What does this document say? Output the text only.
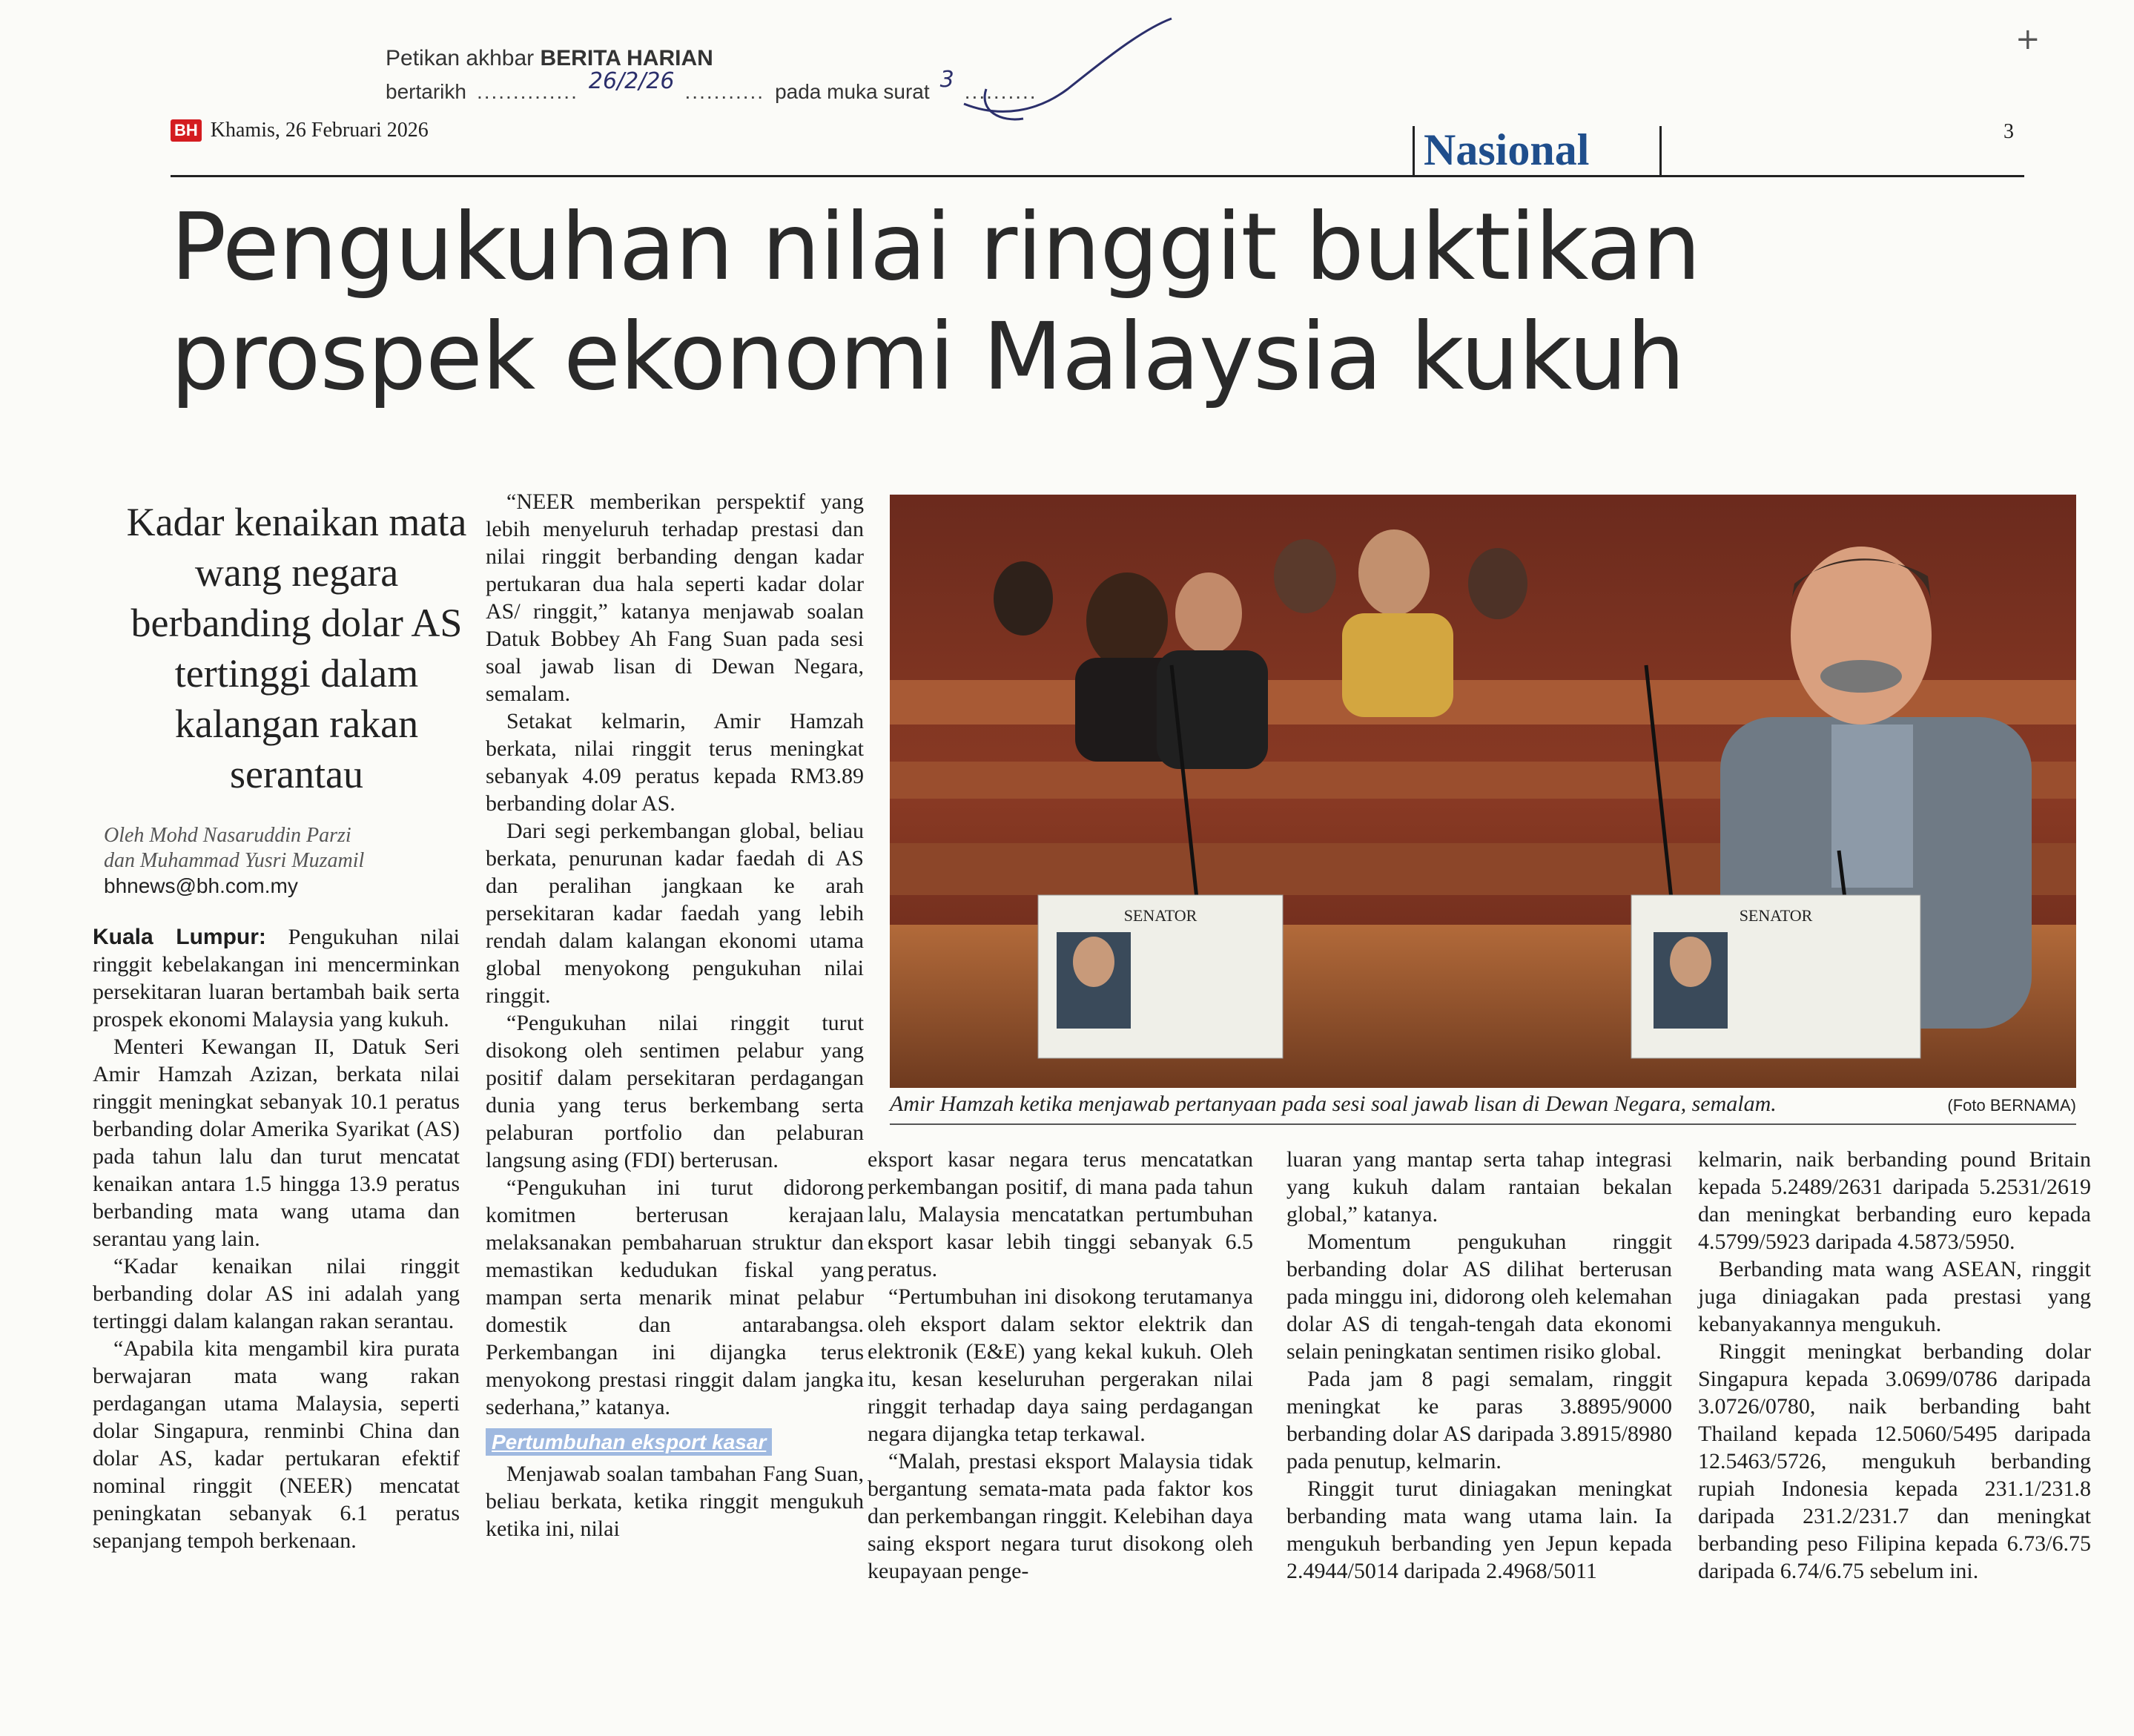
Petikan akhbar BERITA HARIAN
bertarikh .............. 26/2/26 ........... pada muka surat 3 ..........
+
BH Khamis, 26 Februari 2026	Nasional	3
Pengukuhan nilai ringgit buktikan
prospek ekonomi Malaysia kukuh
Kadar kenaikan mata wang negara berbanding dolar AS tertinggi dalam kalangan rakan serantau
Oleh Mohd Nasaruddin Parzi
dan Muhammad Yusri Muzamil
bhnews@bh.com.my

Kuala Lumpur: Pengukuhan nilai ringgit kebelakangan ini mencerminkan persekitaran luaran bertambah baik serta prospek ekonomi Malaysia yang kukuh.

Menteri Kewangan II, Datuk Seri Amir Hamzah Azizan, berkata nilai ringgit meningkat sebanyak 10.1 peratus berbanding dolar Amerika Syarikat (AS) pada tahun lalu dan turut mencatat kenaikan antara 1.5 hingga 13.9 peratus berbanding mata wang utama dan serantau yang lain.

“Kadar kenaikan nilai ringgit berbanding dolar AS ini adalah yang tertinggi dalam kalangan rakan serantau.

“Apabila kita mengambil kira purata berwajaran mata wang rakan perdagangan utama Malaysia, seperti dolar Singapura, renminbi China dan dolar AS, kadar pertukaran efektif nominal ringgit (NEER) mencatat peningkatan sebanyak 6.1 peratus sepanjang tempoh berkenaan.

“NEER memberikan perspektif yang lebih menyeluruh terhadap prestasi dan nilai ringgit berbanding dengan kadar pertukaran dua hala seperti kadar dolar AS/ ringgit,” katanya menjawab soalan Datuk Bobbey Ah Fang Suan pada sesi soal jawab lisan di Dewan Negara, semalam.

Setakat kelmarin, Amir Hamzah berkata, nilai ringgit terus meningkat sebanyak 4.09 peratus kepada RM3.89 berbanding dolar AS.

Dari segi perkembangan global, beliau berkata, penurunan kadar faedah di AS dan peralihan jangkaan ke arah persekitaran kadar faedah yang lebih rendah dalam kalangan ekonomi utama global menyokong pengukuhan nilai ringgit.

“Pengukuhan nilai ringgit turut disokong oleh sentimen pelabur yang positif dalam persekitaran perdagangan dunia yang terus berkembang serta pelaburan portfolio dan pelaburan langsung asing (FDI) berterusan.

“Pengukuhan ini turut didorong komitmen berterusan kerajaan melaksanakan pembaharuan struktur dan memastikan kedudukan fiskal yang mampan serta menarik minat pelabur domestik dan antarabangsa. Perkembangan ini dijangka terus menyokong prestasi ringgit dalam jangka sederhana,” katanya.

Pertumbuhan eksport kasar

Menjawab soalan tambahan Fang Suan, beliau berkata, ketika ringgit mengukuh ketika ini, nilai

SENATOR	SENATOR
Amir Hamzah ketika menjawab pertanyaan pada sesi soal jawab lisan di Dewan Negara, semalam.	(Foto BERNAMA)

eksport kasar negara terus mencatatkan perkembangan positif, di mana pada tahun lalu, Malaysia mencatatkan pertumbuhan eksport kasar lebih tinggi sebanyak 6.5 peratus.

“Pertumbuhan ini disokong terutamanya oleh eksport dalam sektor elektrik dan elektronik (E&E) yang kekal kukuh. Oleh itu, kesan keseluruhan pergerakan nilai ringgit terhadap daya saing perdagangan negara dijangka tetap terkawal.

“Malah, prestasi eksport Malaysia tidak bergantung semata-mata pada faktor kos dan perkembangan ringgit. Kelebihan daya saing eksport negara turut disokong oleh keupayaan penge-

luaran yang mantap serta tahap integrasi yang kukuh dalam rantaian bekalan global,” katanya.

Momentum pengukuhan ringgit berbanding dolar AS dilihat berterusan pada minggu ini, didorong oleh kelemahan dolar AS di tengah-tengah data ekonomi selain peningkatan sentimen risiko global.

Pada jam 8 pagi semalam, ringgit meningkat ke paras 3.8895/9000 berbanding dolar AS daripada 3.8915/8980 pada penutup, kelmarin.

Ringgit turut diniagakan meningkat berbanding mata wang utama lain. Ia mengukuh berbanding yen Jepun kepada 2.4944/5014 daripada 2.4968/5011

kelmarin, naik berbanding pound Britain kepada 5.2489/2631 daripada 5.2531/2619 dan meningkat berbanding euro kepada 4.5799/5923 daripada 4.5873/5950.

Berbanding mata wang ASEAN, ringgit juga diniagakan pada prestasi yang kebanyakannya mengukuh.

Ringgit meningkat berbanding dolar Singapura kepada 3.0699/0786 daripada 3.0726/0780, naik berbanding baht Thailand kepada 12.5060/5495 daripada 12.5463/5726, mengukuh berbanding rupiah Indonesia kepada 231.1/231.8 daripada 231.2/231.7 dan meningkat berbanding peso Filipina kepada 6.73/6.75 daripada 6.74/6.75 sebelum ini.
